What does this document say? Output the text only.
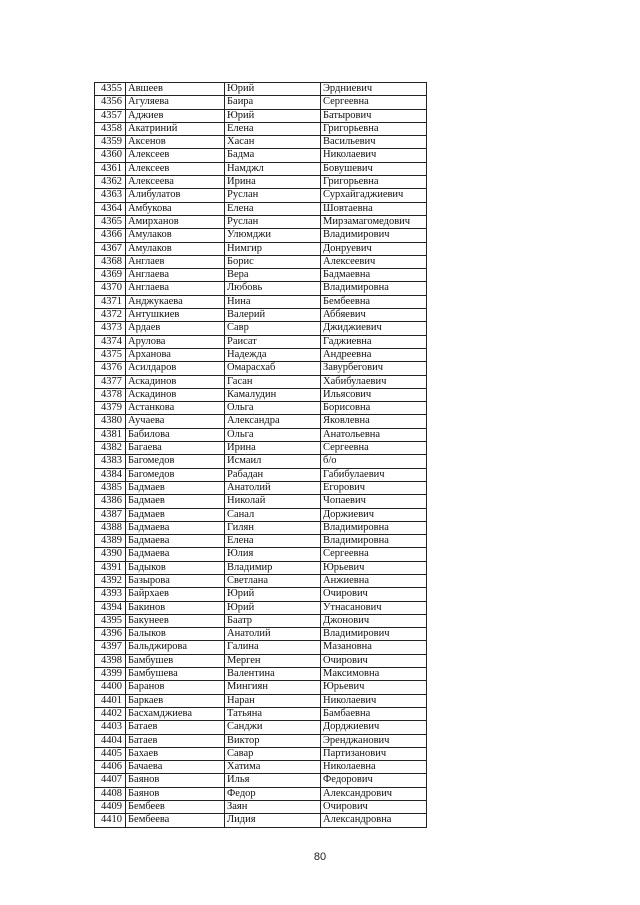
4355	Авшеев	Юрий	Эрдниевич
4356	Агуляева	Баира	Сергеевна
4357	Аджиев	Юрий	Батырович
4358	Акатриний	Елена	Григорьевна
4359	Аксенов	Хасан	Васильевич
4360	Алексеев	Бадма	Николаевич
4361	Алексеев	Намджл	Бовушевич
4362	Алексеева	Ирина	Григорьевна
4363	Алибулатов	Руслан	Сурхайгаджиевич
4364	Амбукова	Елена	Шовтаевна
4365	Амирханов	Руслан	Мирзамагомедович
4366	Амулаков	Улюмджи	Владимирович
4367	Амулаков	Нимгир	Донруевич
4368	Англаев	Борис	Алексеевич
4369	Англаева	Вера	Бадмаевна
4370	Англаева	Любовь	Владимировна
4371	Анджукаева	Нина	Бембеевна
4372	Антушкиев	Валерий	Аббяевич
4373	Ардаев	Савр	Джиджиевич
4374	Арулова	Раисат	Гаджиевна
4375	Арханова	Надежда	Андреевна
4376	Асилдаров	Омарасхаб	Завурбегович
4377	Аскадинов	Гасан	Хабибулаевич
4378	Аскадинов	Камалудин	Ильясович
4379	Астанкова	Ольга	Борисовна
4380	Аучаева	Александра	Яковлевна
4381	Бабилова	Ольга	Анатольевна
4382	Багаева	Ирина	Сергеевна
4383	Багомедов	Исмаил	б/о
4384	Багомедов	Рабадан	Габибулаевич
4385	Бадмаев	Анатолий	Егорович
4386	Бадмаев	Николай	Чопаевич
4387	Бадмаев	Санал	Доржиевич
4388	Бадмаева	Гилян	Владимировна
4389	Бадмаева	Елена	Владимировна
4390	Бадмаева	Юлия	Сергеевна
4391	Бадыков	Владимир	Юрьевич
4392	Базырова	Светлана	Анжиевна
4393	Байрхаев	Юрий	Очирович
4394	Бакинов	Юрий	Утнасанович
4395	Бакунеев	Баатр	Джонович
4396	Балыков	Анатолий	Владимирович
4397	Бальджирова	Галина	Мазановна
4398	Бамбушев	Мерген	Очирович
4399	Бамбушева	Валентина	Максимовна
4400	Баранов	Мингиян	Юрьевич
4401	Баркаев	Наран	Николаевич
4402	Басхамджиева	Татьяна	Бамбаевна
4403	Батаев	Санджи	Дорджиевич
4404	Батаев	Виктор	Эренджанович
4405	Бахаев	Савар	Партизанович
4406	Бачаева	Хатима	Николаевна
4407	Баянов	Илья	Федорович
4408	Баянов	Федор	Александрович
4409	Бембеев	Заян	Очирович
4410	Бембеева	Лидия	Александровна
80
